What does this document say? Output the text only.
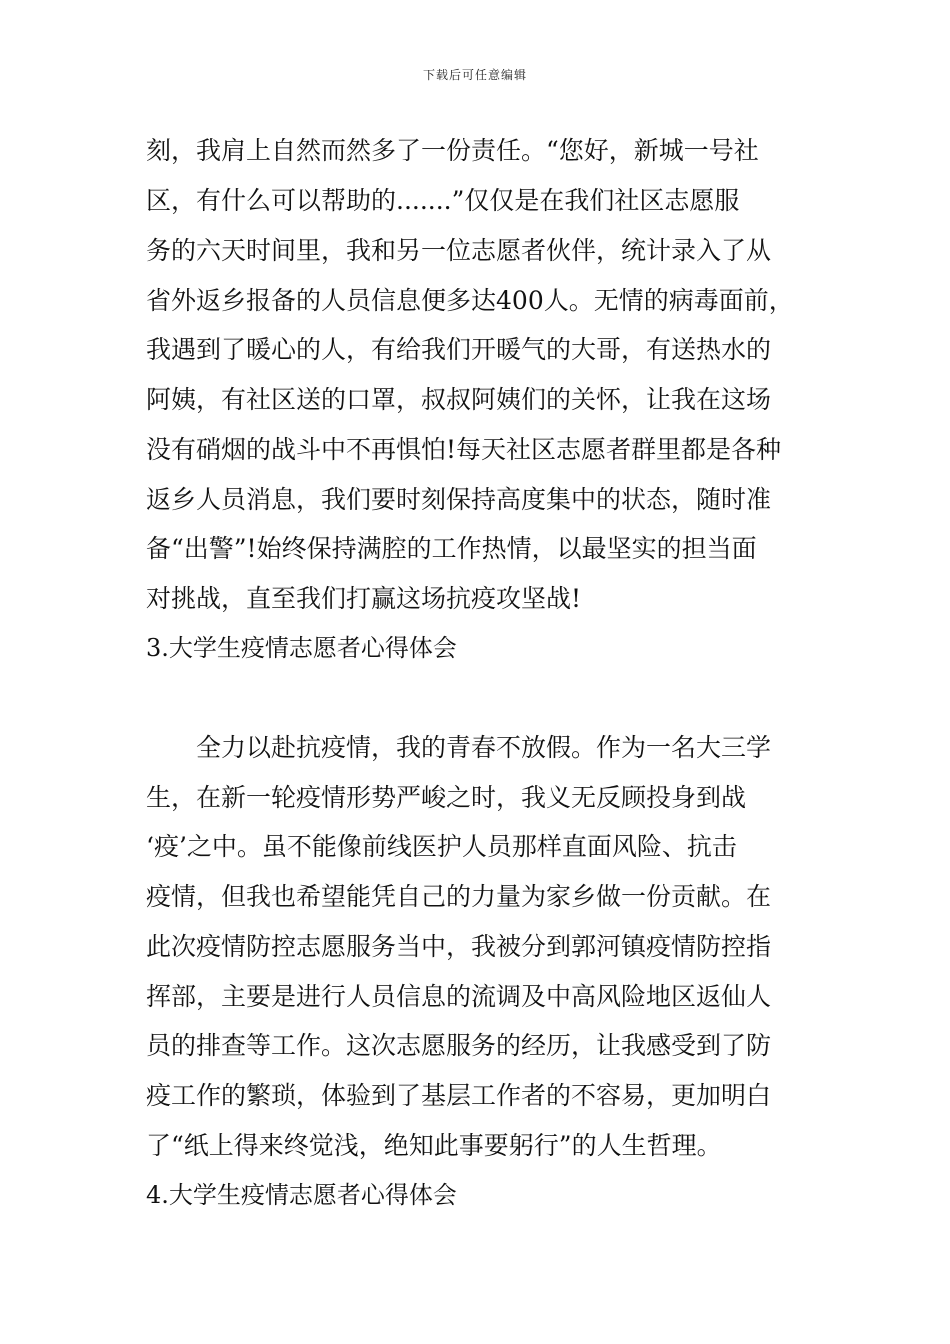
下载后可任意编辑
刻，我肩上自然而然多了一份责任。“您好，新城一号社
区，有什么可以帮助的.......”仅仅是在我们社区志愿服
务的六天时间里，我和另一位志愿者伙伴，统计录入了从
省外返乡报备的人员信息便多达400人。无情的病毒面前，
我遇到了暖心的人，有给我们开暖气的大哥，有送热水的
阿姨，有社区送的口罩，叔叔阿姨们的关怀，让我在这场
没有硝烟的战斗中不再惧怕!每天社区志愿者群里都是各种
返乡人员消息，我们要时刻保持高度集中的状态，随时准
备“出警”!始终保持满腔的工作热情，以最坚实的担当面
对挑战，直至我们打赢这场抗疫攻坚战!
3.大学生疫情志愿者心得体会
　　全力以赴抗疫情，我的青春不放假。作为一名大三学
生，在新一轮疫情形势严峻之时，我义无反顾投身到战
‘疫’之中。虽不能像前线医护人员那样直面风险、抗击
疫情，但我也希望能凭自己的力量为家乡做一份贡献。在
此次疫情防控志愿服务当中，我被分到郭河镇疫情防控指
挥部，主要是进行人员信息的流调及中高风险地区返仙人
员的排查等工作。这次志愿服务的经历，让我感受到了防
疫工作的繁琐，体验到了基层工作者的不容易，更加明白
了“纸上得来终觉浅，绝知此事要躬行”的人生哲理。
4.大学生疫情志愿者心得体会
